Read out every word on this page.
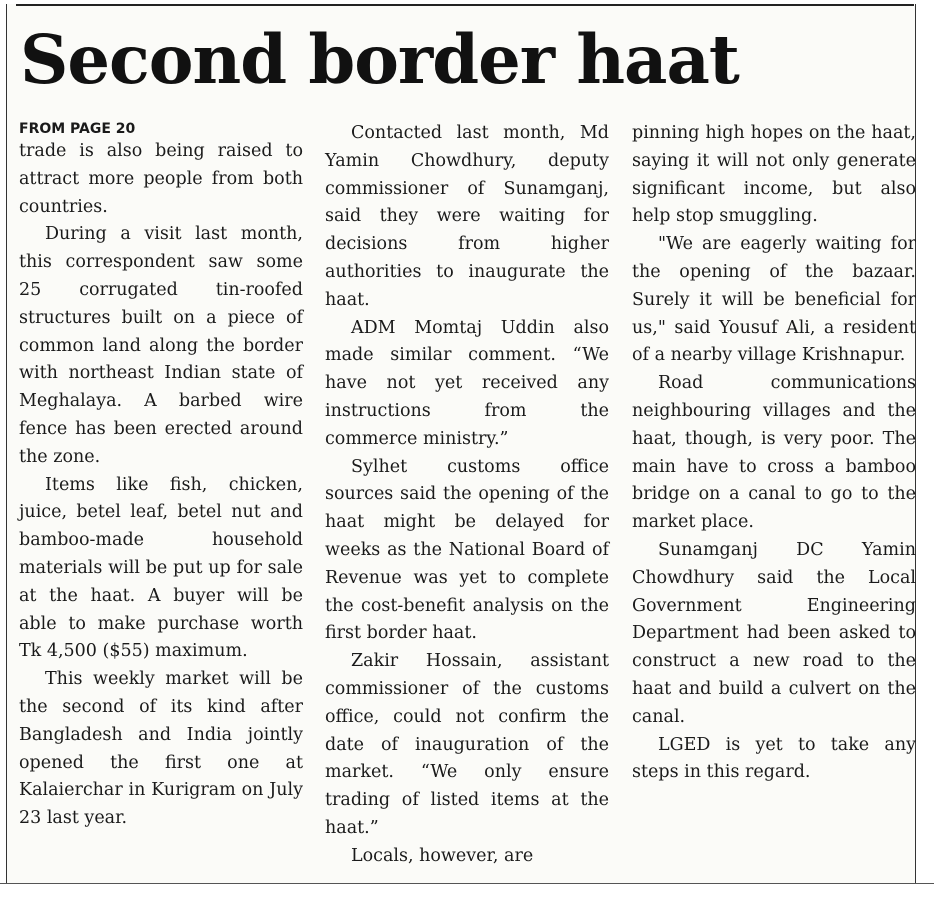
Second border haat

FROM PAGE 20

trade is also being raised to attract more people from both countries.

During a visit last month, this correspondent saw some 25 corrugated tin-roofed structures built on a piece of common land along the border with northeast Indian state of Meghalaya. A barbed wire fence has been erected around the zone.

Items like fish, chicken, juice, betel leaf, betel nut and bamboo-made household materials will be put up for sale at the haat. A buyer will be able to make purchase worth Tk 4,500 ($55) maximum.

This weekly market will be the second of its kind after Bangladesh and India jointly opened the first one at Kalaierchar in Kurigram on July 23 last year.

Contacted last month, Md Yamin Chowdhury, deputy commissioner of Sunamganj, said they were waiting for decisions from higher authorities to inaugurate the haat.

ADM Momtaj Uddin also made similar comment. “We have not yet received any instructions from the commerce ministry.”

Sylhet customs office sources said the opening of the haat might be delayed for weeks as the National Board of Revenue was yet to complete the cost-benefit analysis on the first border haat.

Zakir Hossain, assistant commissioner of the customs office, could not confirm the date of inauguration of the market. “We only ensure trading of listed items at the haat.”

Locals, however, are

pinning high hopes on the haat, saying it will not only generate significant income, but also help stop smuggling.

"We are eagerly waiting for the opening of the bazaar. Surely it will be beneficial for us," said Yousuf Ali, a resident of a nearby village Krishnapur.

Road communications neighbouring villages and the haat, though, is very poor. The main have to cross a bamboo bridge on a canal to go to the market place.

Sunamganj DC Yamin Chowdhury said the Local Government Engineering Department had been asked to construct a new road to the haat and build a culvert on the canal.

LGED is yet to take any steps in this regard.
